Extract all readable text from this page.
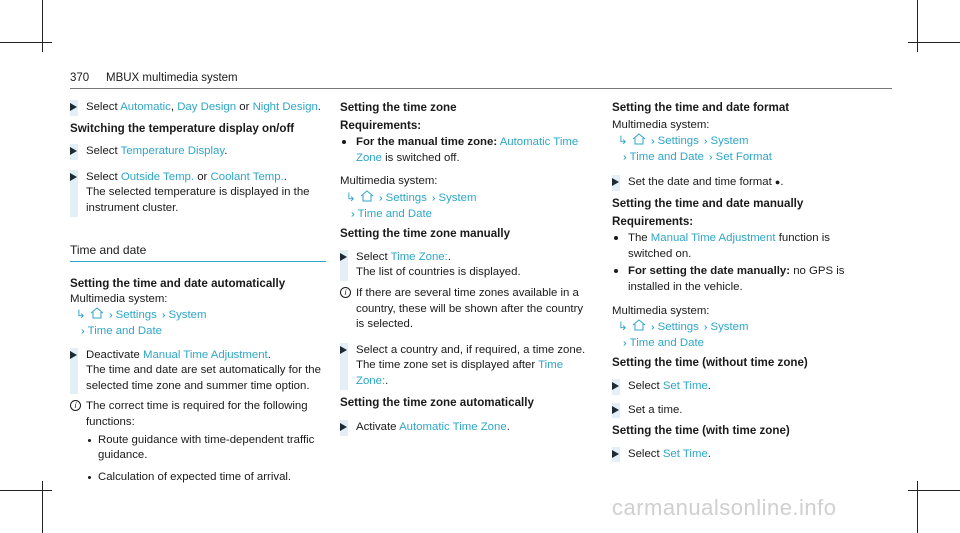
370 MBUX multimedia system
Select Automatic, Day Design or Night Design.
Switching the temperature display on/off
Select Temperature Display.
Select Outside Temp. or Coolant Temp..

The selected temperature is displayed in the instrument cluster.

Time and date
Setting the time and date automatically

Multimedia system:

↳ ›› Settings ›› System
›› Time and Date
Deactivate Manual Time Adjustment.

The time and date are set automatically for the selected time zone and summer time option.

i The correct time is required for the following functions:

Route guidance with time-dependent traffic guidance.
Calculation of expected time of arrival.
Setting the time zone
Requirements:
For the manual time zone: Automatic Time Zone is switched off.

Multimedia system:

↳ ›› Settings ›› System
›› Time and Date
Setting the time zone manually
Select Time Zone:.

The list of countries is displayed.

i If there are several time zones available in a country, these will be shown after the country is selected.

Select a country and, if required, a time zone.

The time zone set is displayed after Time Zone:.

Setting the time zone automatically
Activate Automatic Time Zone.
Setting the time and date format

Multimedia system:

↳ ›› Settings ›› System
›› Time and Date ›› Set Format
Set the date and time format ●.
Setting the time and date manually
Requirements:
The Manual Time Adjustment function is switched on.
For setting the date manually: no GPS is installed in the vehicle.

Multimedia system:

↳ ›› Settings ›› System
›› Time and Date
Setting the time (without time zone)
Select Set Time.
Set a time.
Setting the time (with time zone)
Select Set Time.
carmanualsonline.info
